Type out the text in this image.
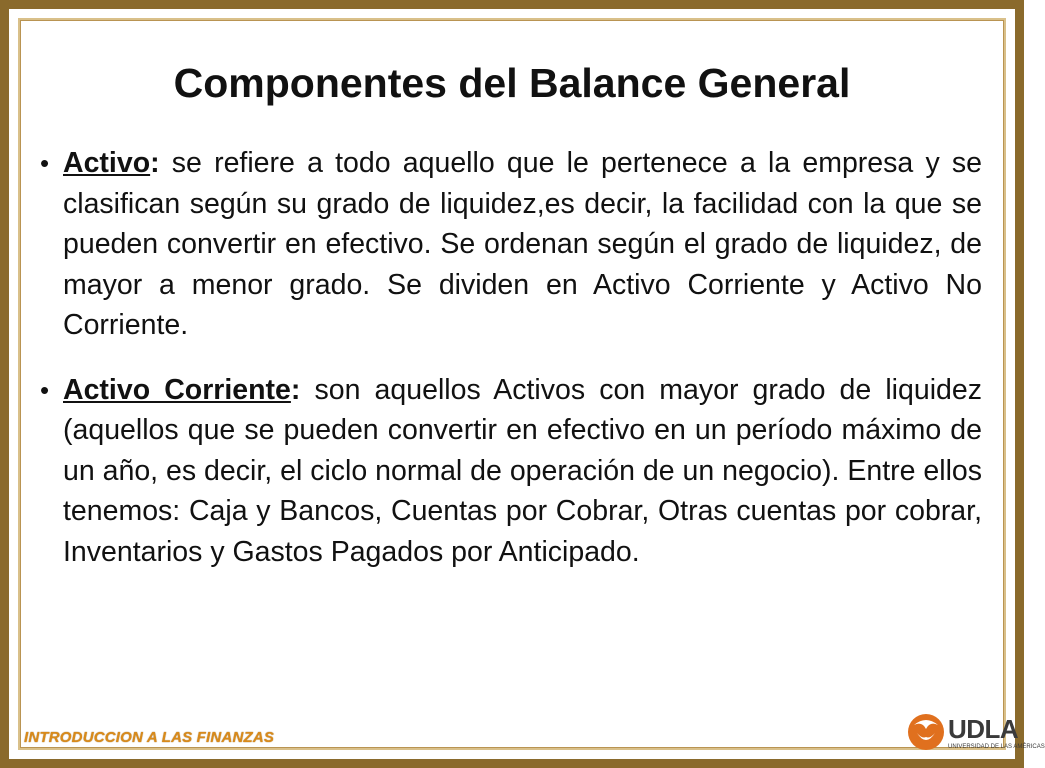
Componentes del Balance General
• Activo: se refiere a todo aquello que le pertenece a la empresa y se clasifican según su grado de liquidez,es decir, la facilidad con la que se pueden convertir en efectivo. Se ordenan según el grado de liquidez, de mayor a menor grado. Se dividen en Activo Corriente y Activo No Corriente.
• Activo Corriente: son aquellos Activos con mayor grado de liquidez (aquellos que se pueden convertir en efectivo en un período máximo de un año, es decir, el ciclo normal de operación de un negocio). Entre ellos tenemos: Caja y Bancos, Cuentas por Cobrar, Otras cuentas por cobrar, Inventarios y Gastos Pagados por Anticipado.
INTRODUCCION A LAS FINANZAS	UDLA
UNIVERSIDAD DE LAS AMÉRICAS
